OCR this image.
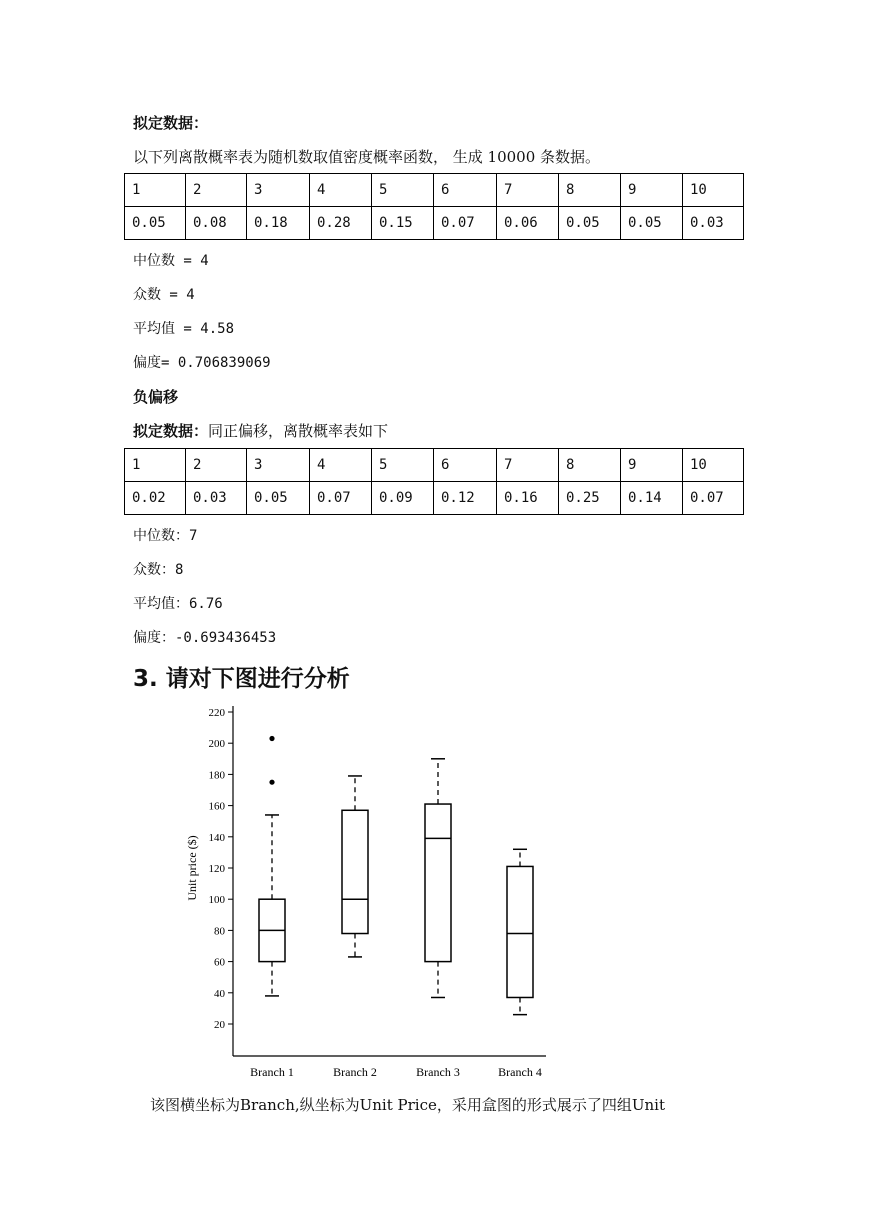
拟定数据：
以下列离散概率表为随机数取值密度概率函数， 生成 10000 条数据。
1	2	3	4	5	6	7	8	9	10
0.05	0.08	0.18	0.28	0.15	0.07	0.06	0.05	0.05	0.03
中位数 = 4
众数 = 4
平均值 = 4.58
偏度= 0.706839069
负偏移
拟定数据：同正偏移，离散概率表如下
1	2	3	4	5	6	7	8	9	10
0.02	0.03	0.05	0.07	0.09	0.12	0.16	0.25	0.14	0.07
中位数：7
众数：8
平均值：6.76
偏度：-0.693436453
3. 请对下图进行分析
20
40
60
80
100
120
140
160
180
200
220
Unit price ($)
Branch 1	Branch 2	Branch 3	Branch 4
该图横坐标为Branch,纵坐标为Unit Price，采用盒图的形式展示了四组Unit
